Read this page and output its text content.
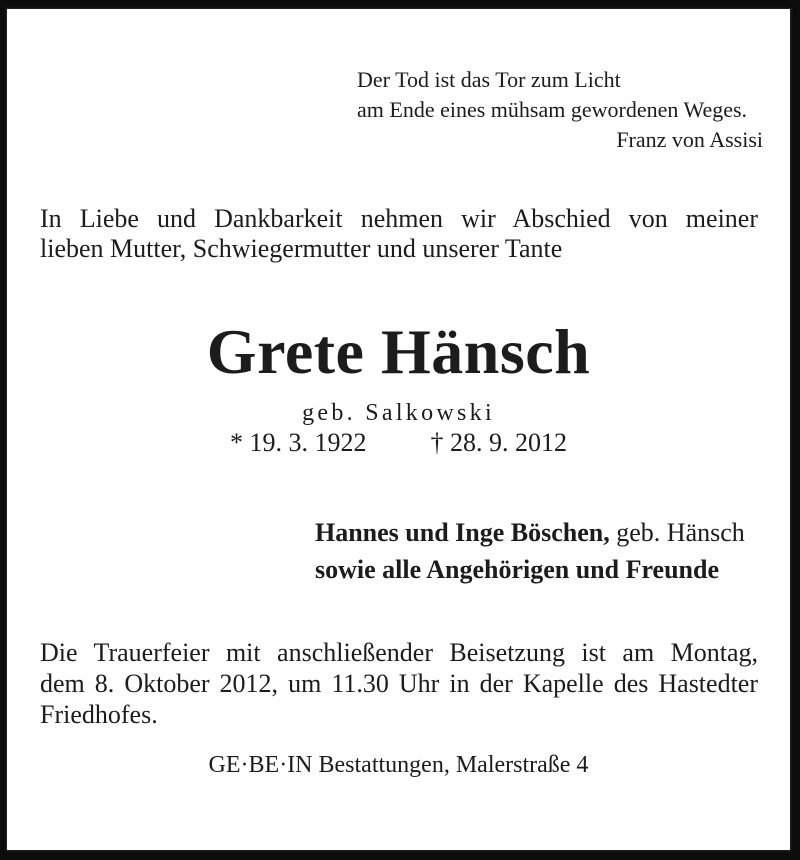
Der Tod ist das Tor zum Licht
am Ende eines mühsam gewordenen Weges.
Franz von Assisi
In Liebe und Dankbarkeit nehmen wir Abschied von meiner
lieben Mutter, Schwiegermutter und unserer Tante
Grete Hänsch
geb. Salkowski
* 19. 3. 1922 † 28. 9. 2012
Hannes und Inge Böschen, geb. Hänsch
sowie alle Angehörigen und Freunde
Die Trauerfeier mit anschließender Beisetzung ist am Montag,
dem 8. Oktober 2012, um 11.30 Uhr in der Kapelle des Hastedter
Friedhofes.
GE·BE·IN Bestattungen, Malerstraße 4
